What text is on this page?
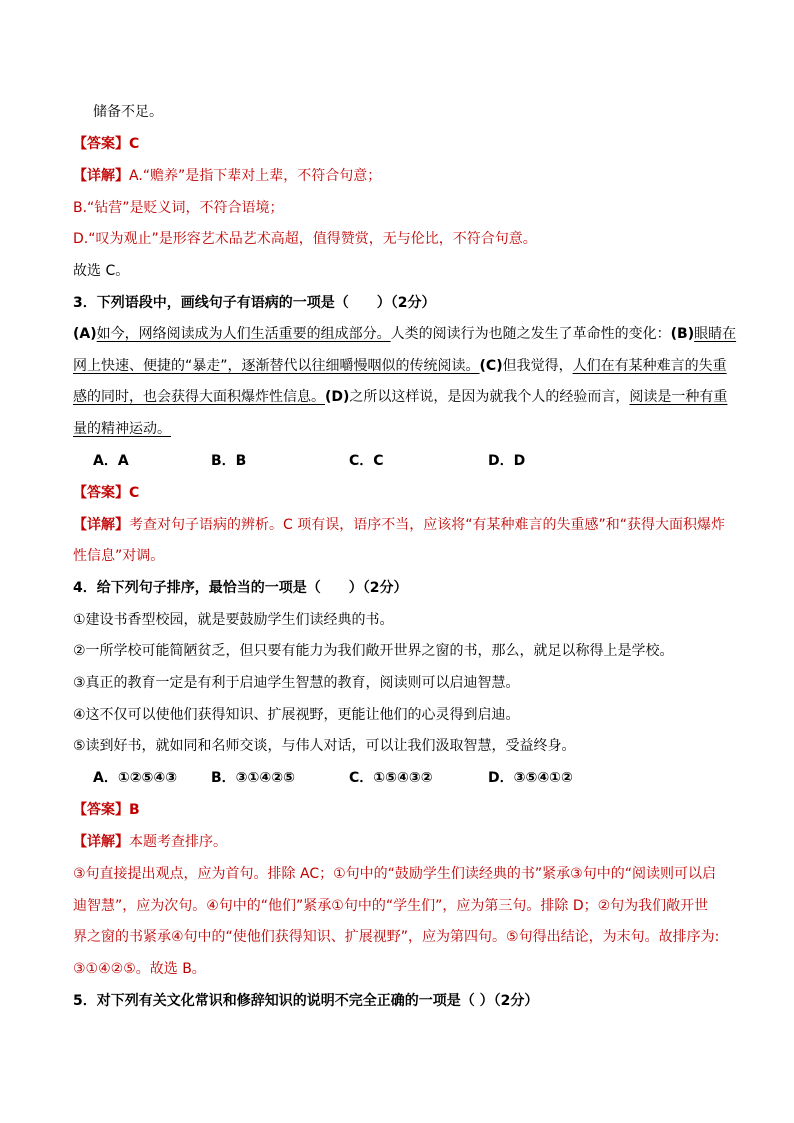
储备不足。
【答案】C
【详解】A.“赡养”是指下辈对上辈，不符合句意；
B.“钻营”是贬义词，不符合语境；
D.“叹为观止”是形容艺术品艺术高超，值得赞赏，无与伦比，不符合句意。
故选 C。
3．下列语段中，画线句子有语病的一项是（　　）（2分）
(A)如今，网络阅读成为人们生活重要的组成部分。人类的阅读行为也随之发生了革命性的变化：(B)眼睛在
网上快速、便捷的“暴走”，逐渐替代以往细嚼慢咽似的传统阅读。(C)但我觉得，人们在有某种难言的失重
感的同时，也会获得大面积爆炸性信息。(D)之所以这样说，是因为就我个人的经验而言，阅读是一种有重
量的精神运动。
A．A	B．B	C．C	D．D
【答案】C
【详解】考查对句子语病的辨析。C 项有误，语序不当，应该将“有某种难言的失重感”和“获得大面积爆炸
性信息”对调。
4．给下列句子排序，最恰当的一项是（　　）（2分）
①建设书香型校园，就是要鼓励学生们读经典的书。
②一所学校可能简陋贫乏，但只要有能力为我们敞开世界之窗的书，那么，就足以称得上是学校。
③真正的教育一定是有利于启迪学生智慧的教育，阅读则可以启迪智慧。
④这不仅可以使他们获得知识、扩展视野，更能让他们的心灵得到启迪。
⑤读到好书，就如同和名师交谈，与伟人对话，可以让我们汲取智慧，受益终身。
A．①②⑤④③ B．③①④②⑤	C．①⑤④③②	D．③⑤④①②
【答案】B
【详解】本题考查排序。
③句直接提出观点，应为首句。排除 AC；①句中的“鼓励学生们读经典的书”紧承③句中的“阅读则可以启
迪智慧”，应为次句。④句中的“他们”紧承①句中的“学生们”，应为第三句。排除 D；②句为我们敞开世
界之窗的书紧承④句中的“使他们获得知识、扩展视野”，应为第四句。⑤句得出结论，为末句。故排序为:
③①④②⑤。故选 B。
5．对下列有关文化常识和修辞知识的说明不完全正确的一项是（ ）（2分）
